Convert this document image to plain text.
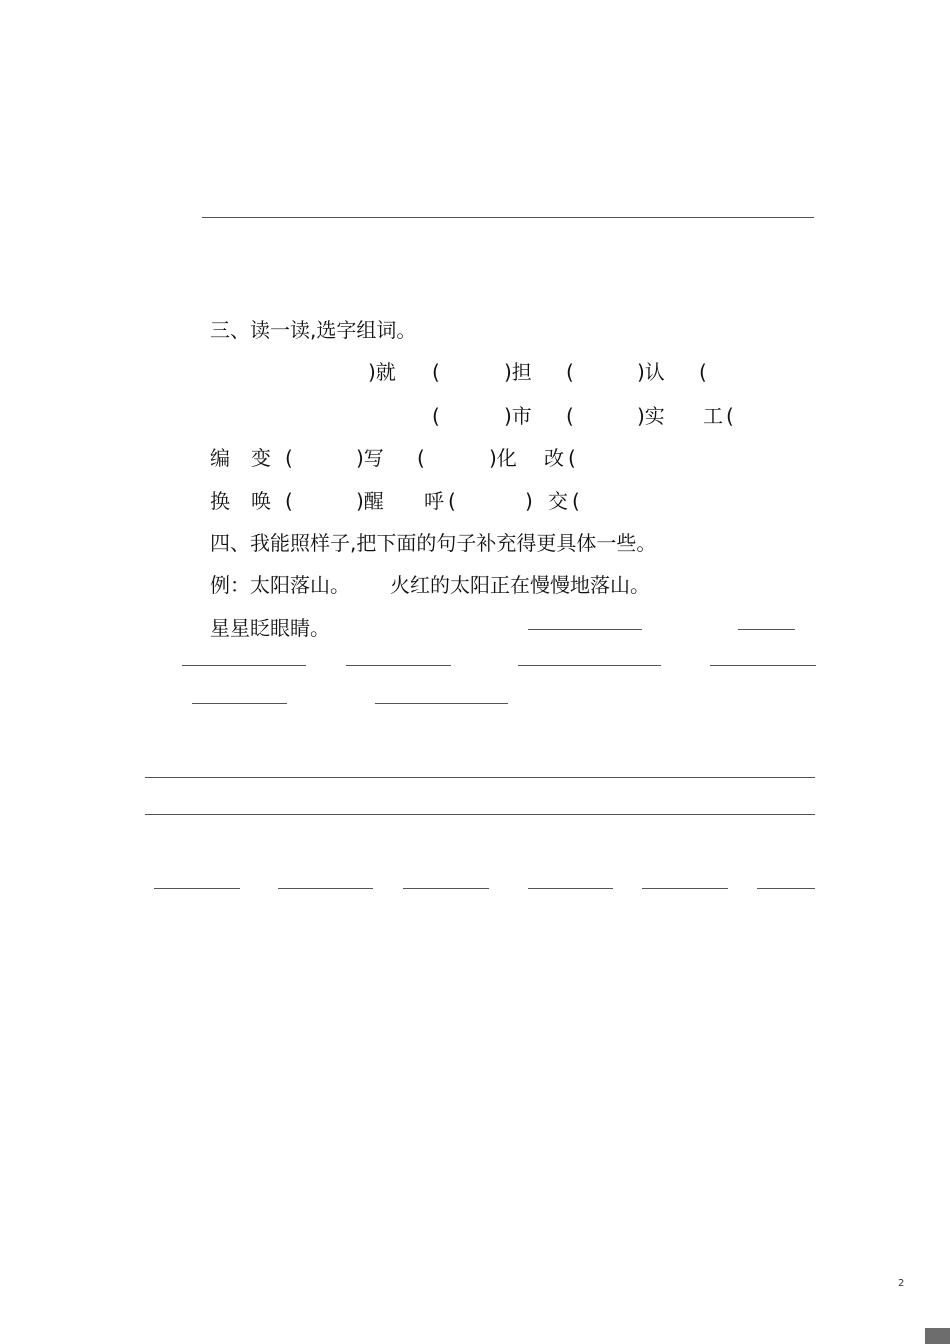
三、读一读,选字组词。
)就 (	)担 (	)认 (
(	)市 (	)实 工 (
编 变 (	)写 (	)化 改 (
换 唤 (	)醒 呼 (	) 交 (
四、我能照样子,把下面的句子补充得更具体一些。
例：太阳落山。 火红的太阳正在慢慢地落山。
星星眨眼睛。
2
